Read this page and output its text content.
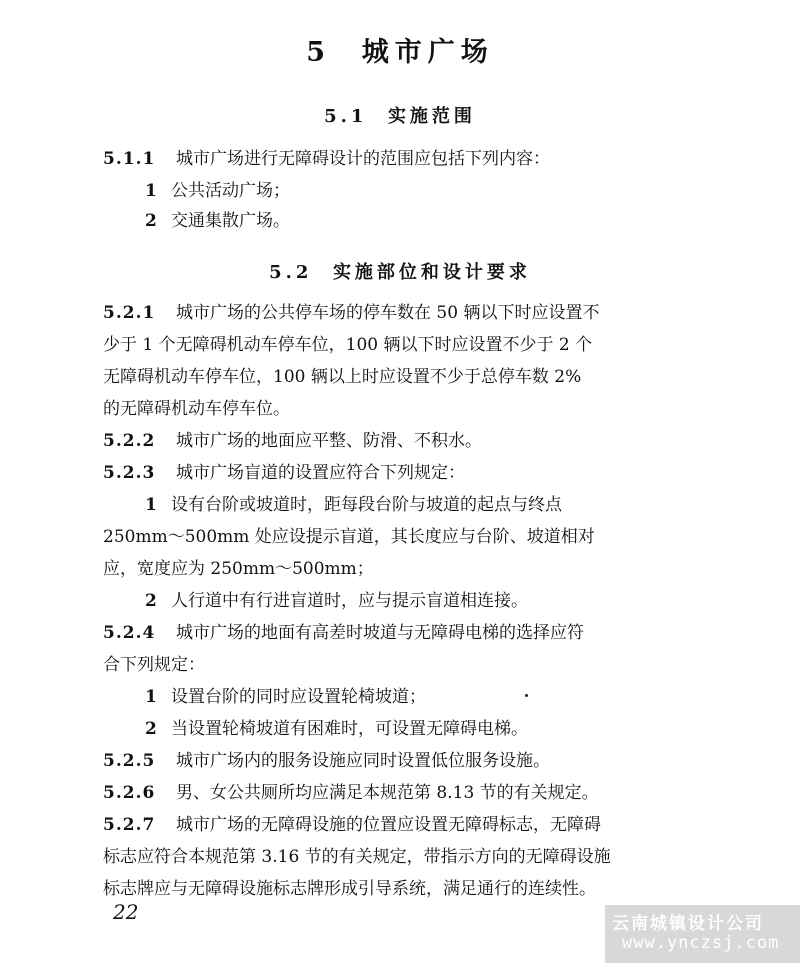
5 城市广场
5.1 实施范围
5.1.1 城市广场进行无障碍设计的范围应包括下列内容：
1 公共活动广场；
2 交通集散广场。
5.2 实施部位和设计要求
5.2.1 城市广场的公共停车场的停车数在 50 辆以下时应设置不
少于 1 个无障碍机动车停车位，100 辆以下时应设置不少于 2 个
无障碍机动车停车位，100 辆以上时应设置不少于总停车数 2%
的无障碍机动车停车位。
5.2.2 城市广场的地面应平整、防滑、不积水。
5.2.3 城市广场盲道的设置应符合下列规定：
1 设有台阶或坡道时，距每段台阶与坡道的起点与终点
250mm～500mm 处应设提示盲道，其长度应与台阶、坡道相对
应，宽度应为 250mm～500mm；
2 人行道中有行进盲道时，应与提示盲道相连接。
5.2.4 城市广场的地面有高差时坡道与无障碍电梯的选择应符
合下列规定：
1 设置台阶的同时应设置轮椅坡道；
2 当设置轮椅坡道有困难时，可设置无障碍电梯。
5.2.5 城市广场内的服务设施应同时设置低位服务设施。
5.2.6 男、女公共厕所均应满足本规范第 8.13 节的有关规定。
5.2.7 城市广场的无障碍设施的位置应设置无障碍标志，无障碍
标志应符合本规范第 3.16 节的有关规定，带指示方向的无障碍设施
标志牌应与无障碍设施标志牌形成引导系统，满足通行的连续性。
22	云南城镇设计公司
www.ynczsj.com
